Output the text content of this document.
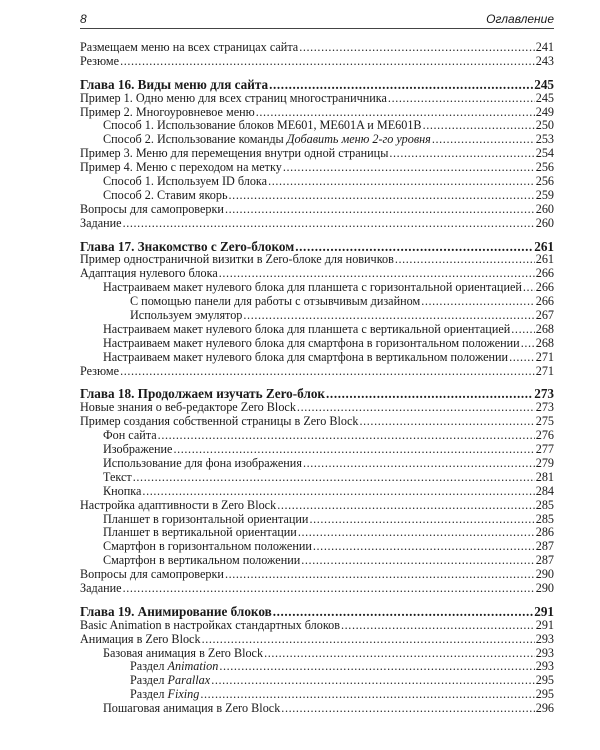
8	Оглавление
Размещаем меню на всех страницах сайта .....	241
Резюме .....	243
Глава 16. Виды меню для сайта .....	245
Пример 1. Одно меню для всех страниц многостраничника .....	245
Пример 2. Многоуровневое меню .....	249
Способ 1. Использование блоков ME601, ME601A и ME601B .....	250
Способ 2. Использование команды Добавить меню 2-го уровня .....	253
Пример 3. Меню для перемещения внутри одной страницы .....	254
Пример 4. Меню с переходом на метку .....	256
Способ 1. Используем ID блока .....	256
Способ 2. Ставим якорь .....	259
Вопросы для самопроверки .....	260
Задание .....	260
Глава 17. Знакомство с Zero-блоком .....	261
Пример одностраничной визитки в Zero-блоке для новичков .....	261
Адаптация нулевого блока .....	266
Настраиваем макет нулевого блока для планшета с горизонтальной ориентацией ..... 266
С помощью панели для работы с отзывчивым дизайном .....	266
Используем эмулятор .....	267
Настраиваем макет нулевого блока для планшета с вертикальной ориентацией ..... 268
Настраиваем макет нулевого блока для смартфона в горизонтальном положении ..... 268
Настраиваем макет нулевого блока для смартфона в вертикальном положении ..... 271
Резюме .....	271
Глава 18. Продолжаем изучать Zero-блок .....	273
Новые знания о веб-редакторе Zero Block .....	273
Пример создания собственной страницы в Zero Block .....	275
Фон сайта .....	276
Изображение .....	277
Использование для фона изображения .....	279
Текст .....	281
Кнопка .....	284
Настройка адаптивности в Zero Block .....	285
Планшет в горизонтальной ориентации .....	285
Планшет в вертикальной ориентации .....	286
Смартфон в горизонтальном положении .....	287
Смартфон в вертикальном положении .....	287
Вопросы для самопроверки .....	290
Задание .....	290
Глава 19. Анимирование блоков .....	291
Basic Animation в настройках стандартных блоков .....	291
Анимация в Zero Block .....	293
Базовая анимация в Zero Block .....	293
Раздел Animation .....	293
Раздел Parallax .....	295
Раздел Fixing .....	295
Пошаговая анимация в Zero Block .....	296
